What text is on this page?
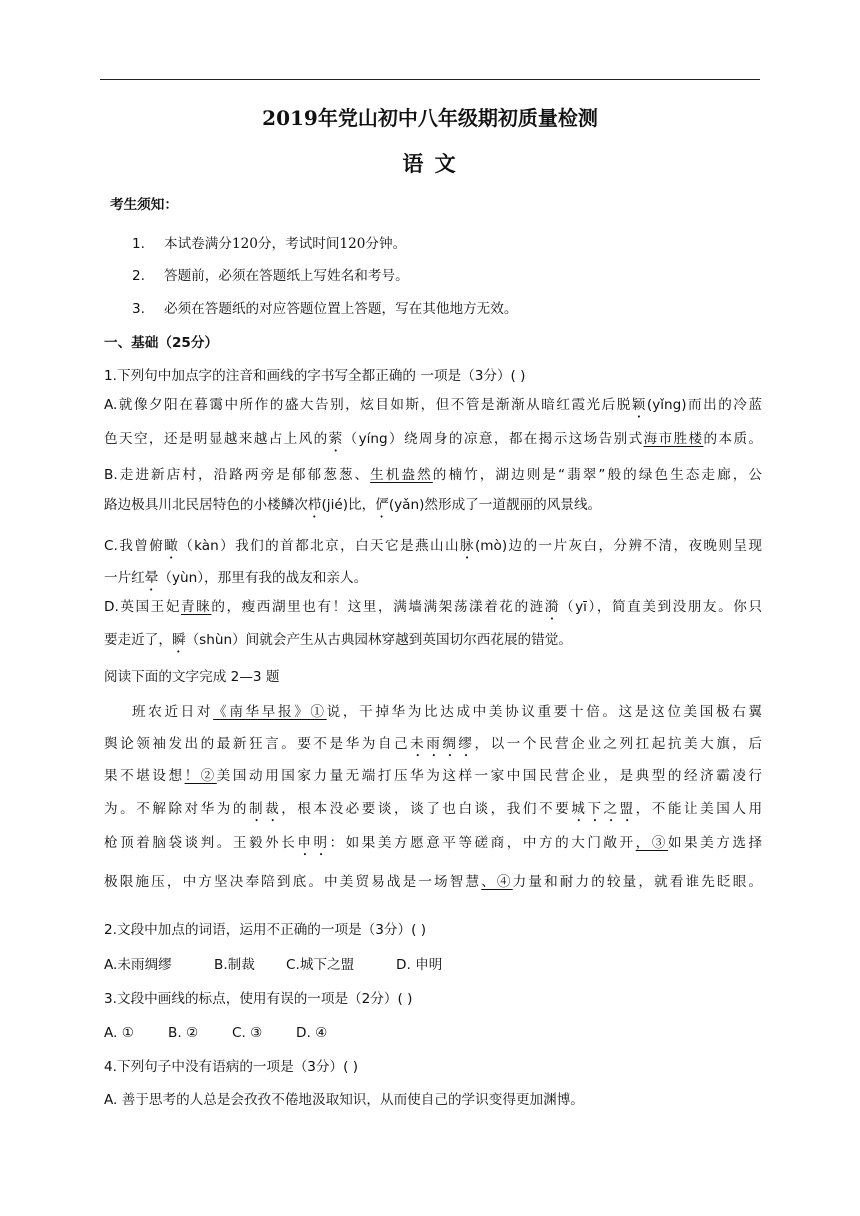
2019年党山初中八年级期初质量检测
语 文
考生须知：
1. 本试卷满分120分，考试时间120分钟。
2. 答题前，必须在答题纸上写姓名和考号。
3. 必须在答题纸的对应答题位置上答题，写在其他地方无效。
一、基础（25分）
1.下列句中加点字的注音和画线的字书写全都正确的 一项是（3分）( )
A.就像夕阳在暮霭中所作的盛大告别，炫目如斯，但不管是渐渐从暗红霞光后脱颖(yǐng)而出的冷蓝
色天空，还是明显越来越占上风的萦（yíng）绕周身的凉意，都在揭示这场告别式海市胜楼的本质。
B.走进新店村，沿路两旁是郁郁葱葱、生机盎然的楠竹，湖边则是“翡翠”般的绿色生态走廊，公
路边极具川北民居特色的小楼鳞次栉(jié)比，俨(yǎn)然形成了一道靓丽的风景线。
C.我曾俯瞰（kàn）我们的首都北京，白天它是燕山山脉(mò)边的一片灰白，分辨不清，夜晚则呈现
一片红晕（yùn），那里有我的战友和亲人。
D.英国王妃青睐的，瘦西湖里也有！这里，满墙满架荡漾着花的涟漪（yī），简直美到没朋友。你只
要走近了，瞬（shùn）间就会产生从古典园林穿越到英国切尔西花展的错觉。
阅读下面的文字完成 2—3 题
班农近日对《南华早报》①说，干掉华为比达成中美协议重要十倍。这是这位美国极右翼
舆论领袖发出的最新狂言。要不是华为自己未雨绸缪，以一个民营企业之列扛起抗美大旗，后
果不堪设想！②美国动用国家力量无端打压华为这样一家中国民营企业，是典型的经济霸凌行
为。不解除对华为的制裁，根本没必要谈，谈了也白谈，我们不要城下之盟，不能让美国人用
枪顶着脑袋谈判。王毅外长申明：如果美方愿意平等磋商，中方的大门敞开，③如果美方选择
极限施压，中方坚决奉陪到底。中美贸易战是一场智慧、④力量和耐力的较量，就看谁先眨眼。
2.文段中加点的词语，运用不正确的一项是（3分）( )
A.未雨绸缪	B.制裁 C.城下之盟	D. 申明
3.文段中画线的标点，使用有误的一项是（2分）( )
A. ①	B. ② C. ③ D. ④
4.下列句子中没有语病的一项是（3分）( )
A. 善于思考的人总是会孜孜不倦地汲取知识，从而使自己的学识变得更加渊博。
